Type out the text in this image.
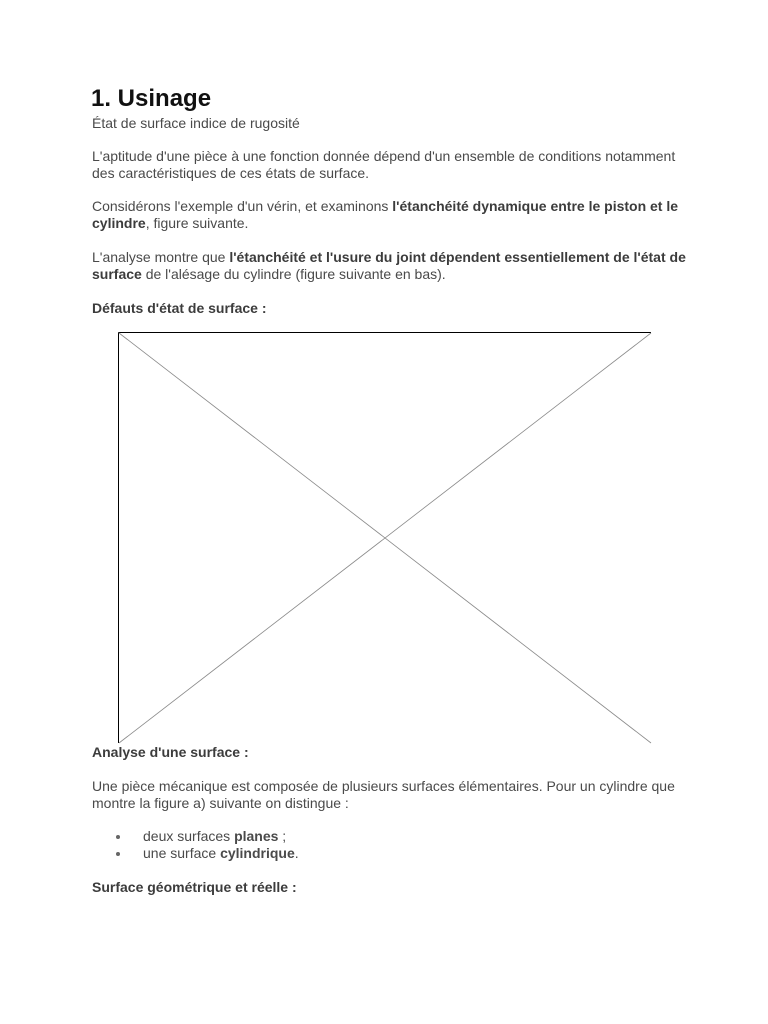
1. Usinage

État de surface indice de rugosité

L'aptitude d'une pièce à une fonction donnée dépend d'un ensemble de conditions notamment des caractéristiques de ces états de surface.

Considérons l'exemple d'un vérin, et examinons l'étanchéité dynamique entre le piston et le cylindre, figure suivante.

L'analyse montre que l'étanchéité et l'usure du joint dépendent essentiellement de l'état de surface de l'alésage du cylindre (figure suivante en bas).

Défauts d'état de surface :

Analyse d'une surface :

Une pièce mécanique est composée de plusieurs surfaces élémentaires. Pour un cylindre que montre la figure a) suivante on distingue :

deux surfaces planes ;
une surface cylindrique.

Surface géométrique et réelle :
